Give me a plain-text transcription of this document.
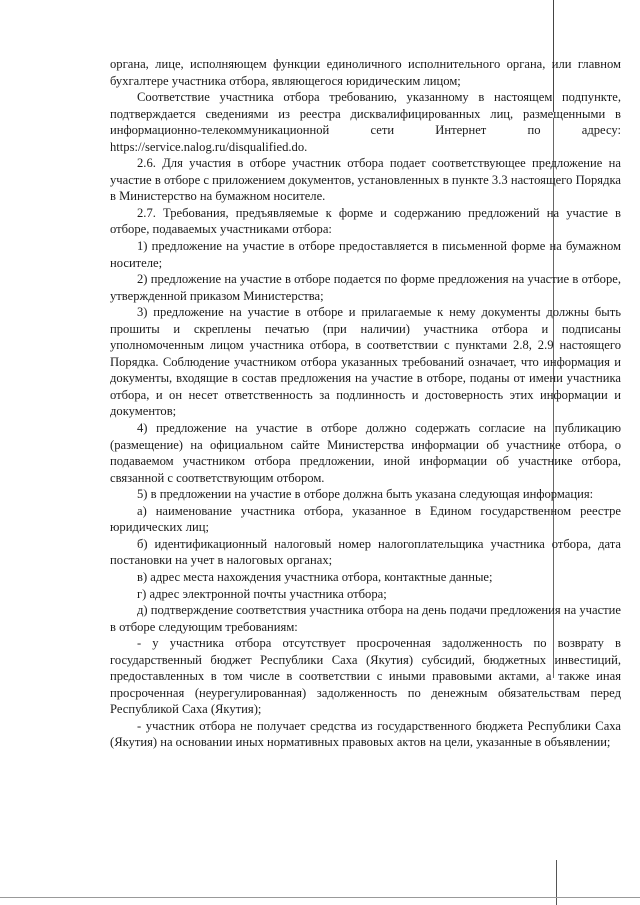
органа, лице, исполняющем функции единоличного исполнительного органа, или главном бухгалтере участника отбора, являющегося юридическим лицом;

Соответствие участника отбора требованию, указанному в настоящем подпункте, подтверждается сведениями из реестра дисквалифицированных лиц, размещенными в информационно-телекоммуникационной сети Интернет по адресу: https://service.nalog.ru/disqualified.do.

2.6. Для участия в отборе участник отбора подает соответствующее предложение на участие в отборе с приложением документов, установленных в пункте 3.3 настоящего Порядка в Министерство на бумажном носителе.

2.7. Требования, предъявляемые к форме и содержанию предложений на участие в отборе, подаваемых участниками отбора:

1) предложение на участие в отборе предоставляется в письменной форме на бумажном носителе;

2) предложение на участие в отборе подается по форме предложения на участие в отборе, утвержденной приказом Министерства;

3) предложение на участие в отборе и прилагаемые к нему документы должны быть прошиты и скреплены печатью (при наличии) участника отбора и подписаны уполномоченным лицом участника отбора, в соответствии с пунктами 2.8, 2.9 настоящего Порядка. Соблюдение участником отбора указанных требований означает, что информация и документы, входящие в состав предложения на участие в отборе, поданы от имени участника отбора, и он несет ответственность за подлинность и достоверность этих информации и документов;

4) предложение на участие в отборе должно содержать согласие на публикацию (размещение) на официальном сайте Министерства информации об участнике отбора, о подаваемом участником отбора предложении, иной информации об участнике отбора, связанной с соответствующим отбором.

5) в предложении на участие в отборе должна быть указана следующая информация:

а) наименование участника отбора, указанное в Едином государственном реестре юридических лиц;

б) идентификационный налоговый номер налогоплательщика участника отбора, дата постановки на учет в налоговых органах;

в) адрес места нахождения участника отбора, контактные данные;

г) адрес электронной почты участника отбора;

д) подтверждение соответствия участника отбора на день подачи предложения на участие в отборе следующим требованиям:

- у участника отбора отсутствует просроченная задолженность по возврату в государственный бюджет Республики Саха (Якутия) субсидий, бюджетных инвестиций, предоставленных в том числе в соответствии с иными правовыми актами, а также иная просроченная (неурегулированная) задолженность по денежным обязательствам перед Республикой Саха (Якутия);

- участник отбора не получает средства из государственного бюджета Республики Саха (Якутия) на основании иных нормативных правовых актов на цели, указанные в объявлении;
